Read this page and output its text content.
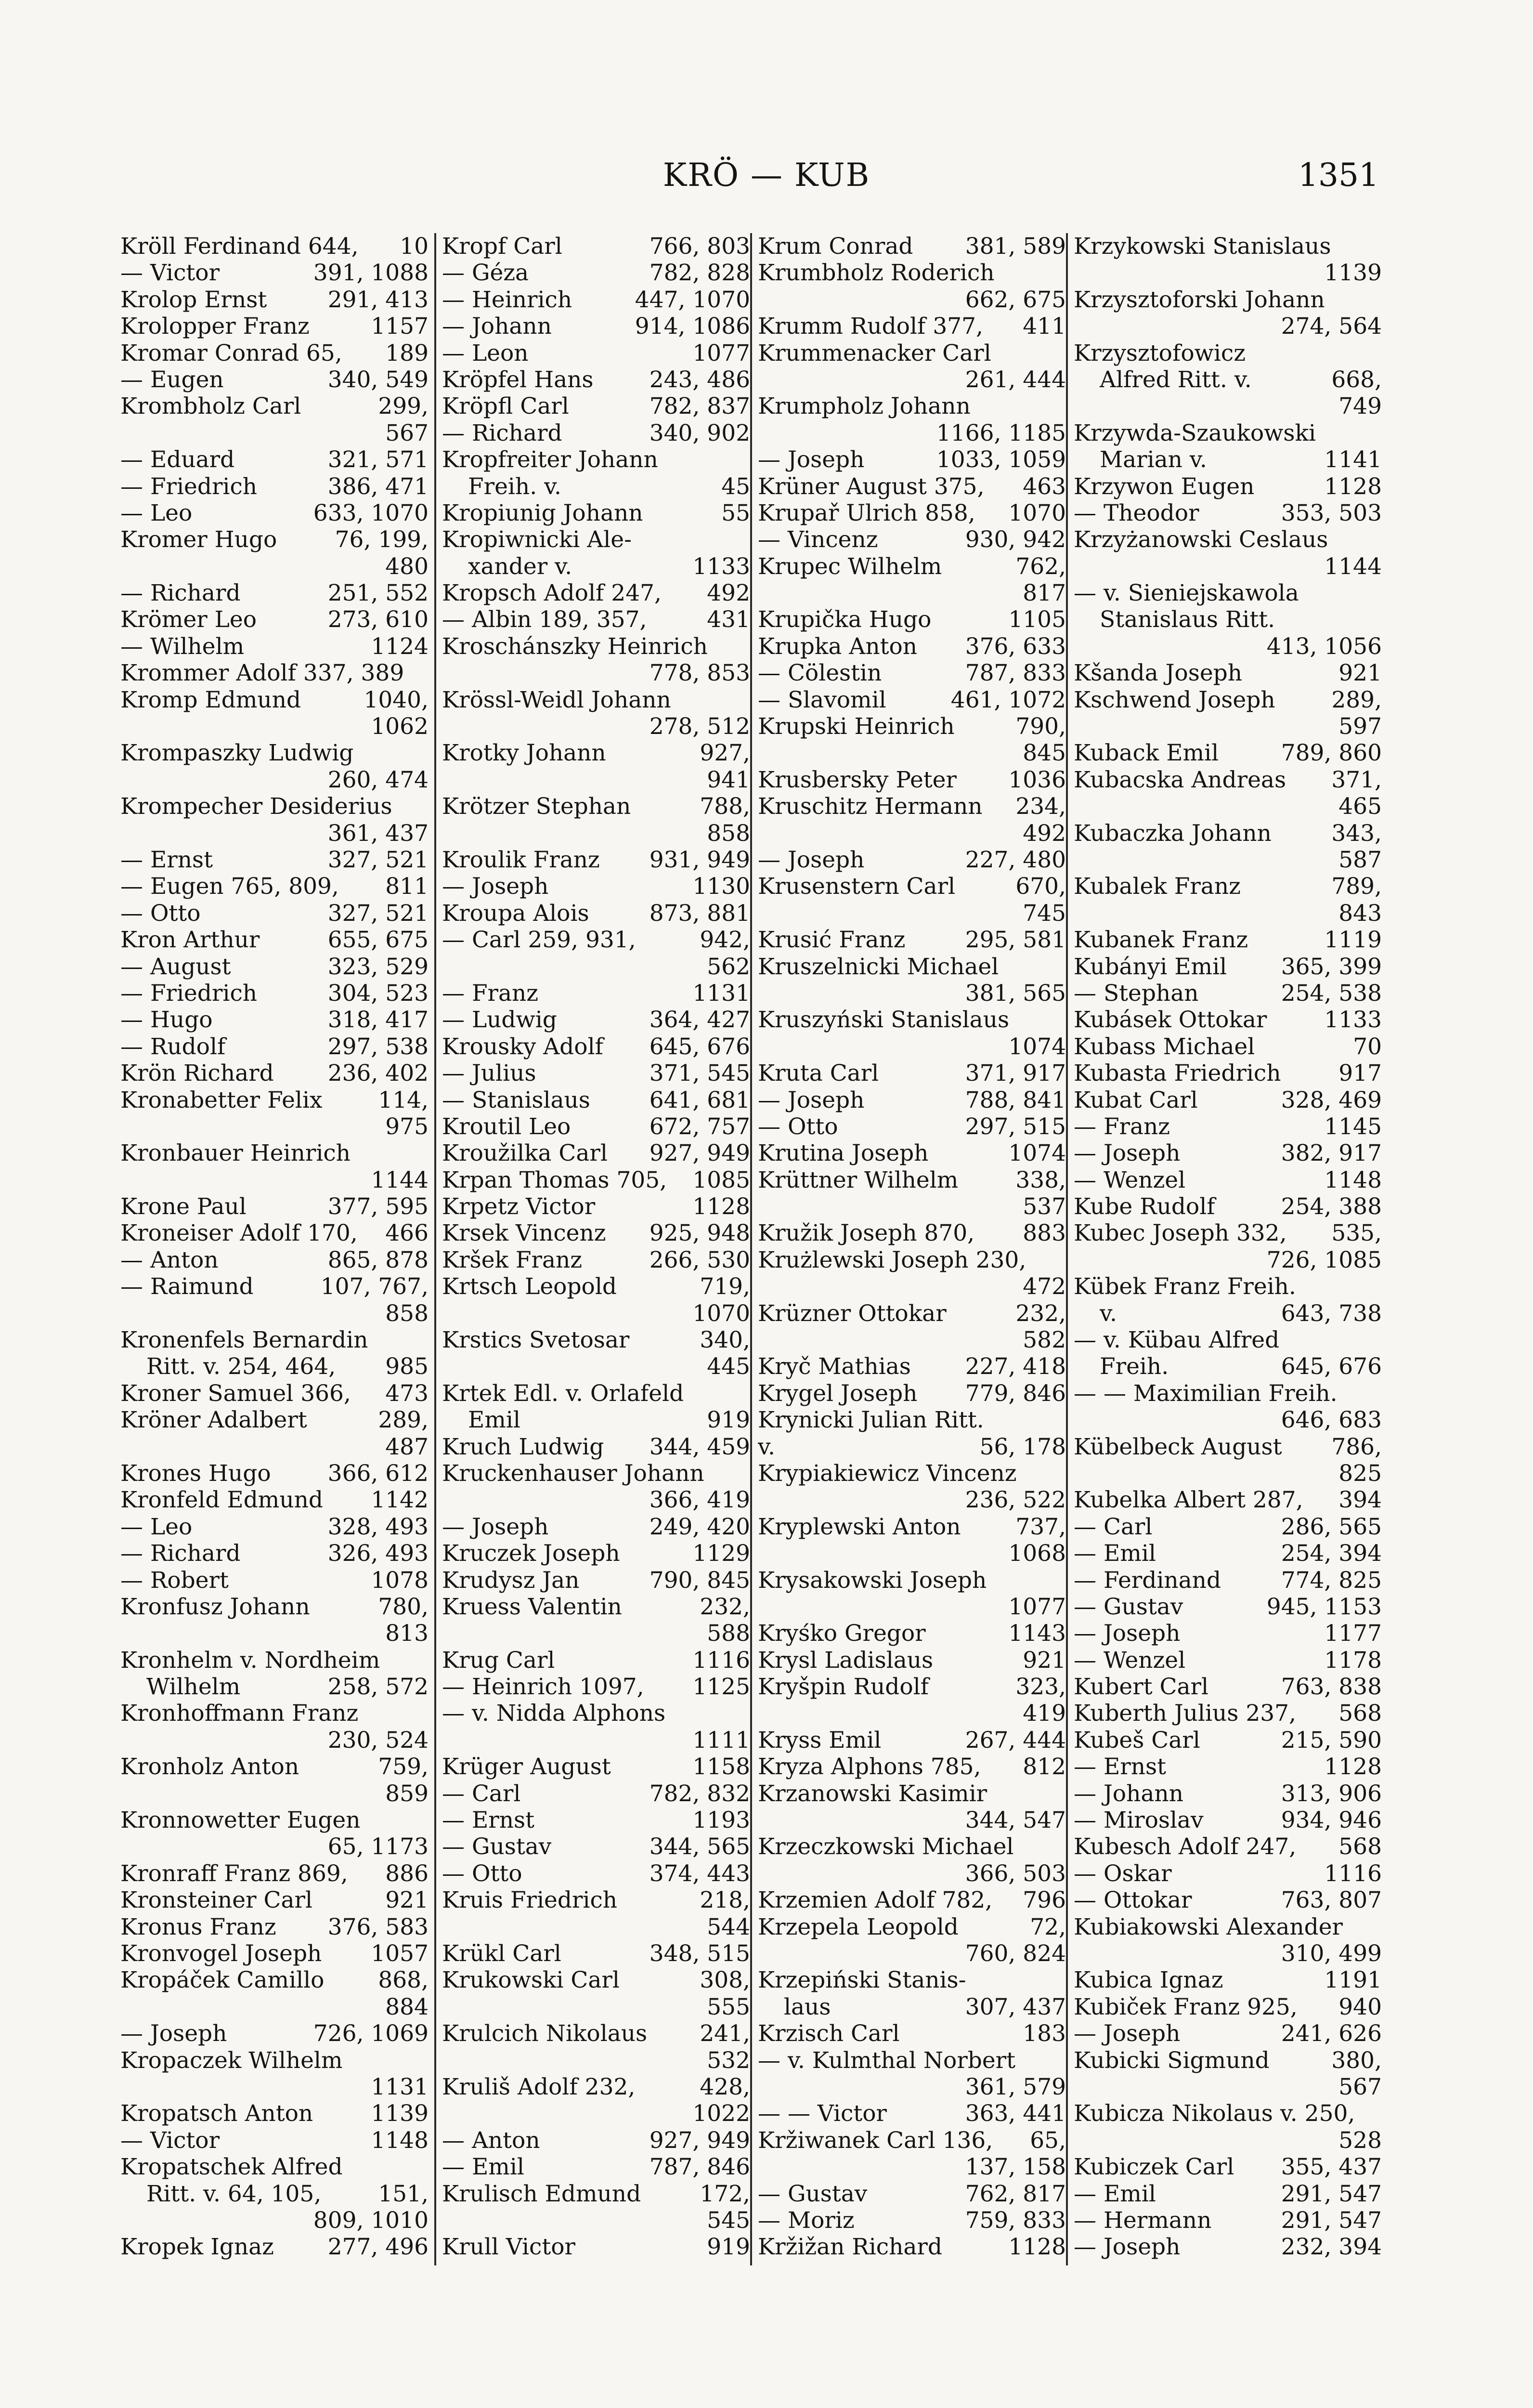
KRÖ — KUB	1351
Kröll Ferdinand 644,	10
— Victor	391, 1088
Krolop Ernst	291, 413
Krolopper Franz	1157
Kromar Conrad 65,	189
— Eugen	340, 549
Krombholz Carl	299,
567
— Eduard	321, 571
— Friedrich	386, 471
— Leo	633, 1070
Kromer Hugo	76, 199,
480
— Richard	251, 552
Krömer Leo	273, 610
— Wilhelm	1124
Krommer Adolf 337, 389
Kromp Edmund	1040,
1062
Krompaszky Ludwig
260, 474
Krompecher Desiderius
361, 437
— Ernst	327, 521
— Eugen 765, 809,	811
— Otto	327, 521
Kron Arthur	655, 675
— August	323, 529
— Friedrich	304, 523
— Hugo	318, 417
— Rudolf	297, 538
Krön Richard	236, 402
Kronabetter Felix	114,
975
Kronbauer Heinrich
1144
Krone Paul	377, 595
Kroneiser Adolf 170,	466
— Anton	865, 878
— Raimund	107, 767,
858
Kronenfels Bernardin
Ritt. v. 254, 464,	985
Kroner Samuel 366,	473
Kröner Adalbert	289,
487
Krones Hugo	366, 612
Kronfeld Edmund	1142
— Leo	328, 493
— Richard	326, 493
— Robert	1078
Kronfusz Johann	780,
813
Kronhelm v. Nordheim
Wilhelm	258, 572
Kronhoffmann Franz
230, 524
Kronholz Anton	759,
859
Kronnowetter Eugen
65, 1173
Kronraff Franz 869,	886
Kronsteiner Carl	921
Kronus Franz	376, 583
Kronvogel Joseph	1057
Kropáček Camillo	868,
884
— Joseph	726, 1069
Kropaczek Wilhelm
1131
Kropatsch Anton	1139
— Victor	1148
Kropatschek Alfred
Ritt. v. 64, 105,	151,
809, 1010
Kropek Ignaz	277, 496
Kropf Carl	766, 803
— Géza	782, 828
— Heinrich	447, 1070
— Johann	914, 1086
— Leon	1077
Kröpfel Hans	243, 486
Kröpfl Carl	782, 837
— Richard	340, 902
Kropfreiter Johann
Freih. v.	45
Kropiunig Johann	55
Kropiwnicki Ale-
xander v.	1133
Kropsch Adolf 247,	492
— Albin 189, 357,	431
Kroschánszky Heinrich
778, 853
Krössl-Weidl Johann
278, 512
Krotky Johann	927,
941
Krötzer Stephan	788,
858
Kroulik Franz	931, 949
— Joseph	1130
Kroupa Alois	873, 881
— Carl 259, 931,	942,
562
— Franz	1131
— Ludwig	364, 427
Krousky Adolf	645, 676
— Julius	371, 545
— Stanislaus	641, 681
Kroutil Leo	672, 757
Kroužilka Carl	927, 949
Krpan Thomas 705,	1085
Krpetz Victor	1128
Krsek Vincenz	925, 948
Kršek Franz	266, 530
Krtsch Leopold	719,
1070
Krstics Svetosar	340,
445
Krtek Edl. v. Orlafeld
Emil	919
Kruch Ludwig	344, 459
Kruckenhauser Johann
366, 419
— Joseph	249, 420
Kruczek Joseph	1129
Krudysz Jan	790, 845
Kruess Valentin	232,
588
Krug Carl	1116
— Heinrich 1097,	1125
— v. Nidda Alphons
1111
Krüger August	1158
— Carl	782, 832
— Ernst	1193
— Gustav	344, 565
— Otto	374, 443
Kruis Friedrich	218,
544
Krükl Carl	348, 515
Krukowski Carl	308,
555
Krulcich Nikolaus	241,
532
Kruliš Adolf 232,	428,
1022
— Anton	927, 949
— Emil	787, 846
Krulisch Edmund	172,
545
Krull Victor	919
Krum Conrad	381, 589
Krumbholz Roderich
662, 675
Krumm Rudolf 377,	411
Krummenacker Carl
261, 444
Krumpholz Johann
1166, 1185
— Joseph	1033, 1059
Krüner August 375,	463
Krupař Ulrich 858,	1070
— Vincenz	930, 942
Krupec Wilhelm	762,
817
Krupička Hugo	1105
Krupka Anton	376, 633
— Cölestin	787, 833
— Slavomil	461, 1072
Krupski Heinrich	790,
845
Krusbersky Peter	1036
Kruschitz Hermann	234,
492
— Joseph	227, 480
Krusenstern Carl	670,
745
Krusić Franz	295, 581
Kruszelnicki Michael
381, 565
Kruszyński Stanislaus
1074
Kruta Carl	371, 917
— Joseph	788, 841
— Otto	297, 515
Krutina Joseph	1074
Krüttner Wilhelm	338,
537
Kružik Joseph 870,	883
Krużlewski Joseph 230,
472
Krüzner Ottokar	232,
582
Kryč Mathias	227, 418
Krygel Joseph	779, 846
Krynicki Julian Ritt.
v.	56, 178
Krypiakiewicz Vincenz
236, 522
Kryplewski Anton	737,
1068
Krysakowski Joseph
1077
Kryśko Gregor	1143
Krysl Ladislaus	921
Kryšpin Rudolf	323,
419
Kryss Emil	267, 444
Kryza Alphons 785,	812
Krzanowski Kasimir
344, 547
Krzeczkowski Michael
366, 503
Krzemien Adolf 782,	796
Krzepela Leopold	72,
760, 824
Krzepiński Stanis-
laus	307, 437
Krzisch Carl	183
— v. Kulmthal Norbert
361, 579
— — Victor	363, 441
Kržiwanek Carl 136,	65,
137, 158
— Gustav	762, 817
— Moriz	759, 833
Kržižan Richard	1128
Krzykowski Stanislaus
1139
Krzysztoforski Johann
274, 564
Krzysztofowicz
Alfred Ritt. v.	668,
749
Krzywda-Szaukowski
Marian v.	1141
Krzywon Eugen	1128
— Theodor	353, 503
Krzyżanowski Ceslaus
1144
— v. Sieniejskawola
Stanislaus Ritt.
413, 1056
Kšanda Joseph	921
Kschwend Joseph	289,
597
Kuback Emil	789, 860
Kubacska Andreas	371,
465
Kubaczka Johann	343,
587
Kubalek Franz	789,
843
Kubanek Franz	1119
Kubányi Emil	365, 399
— Stephan	254, 538
Kubásek Ottokar	1133
Kubass Michael	70
Kubasta Friedrich	917
Kubat Carl	328, 469
— Franz	1145
— Joseph	382, 917
— Wenzel	1148
Kube Rudolf	254, 388
Kubec Joseph 332,	535,
726, 1085
Kübek Franz Freih.
v.	643, 738
— v. Kübau Alfred
Freih.	645, 676
— — Maximilian Freih.
646, 683
Kübelbeck August	786,
825
Kubelka Albert 287,	394
— Carl	286, 565
— Emil	254, 394
— Ferdinand	774, 825
— Gustav	945, 1153
— Joseph	1177
— Wenzel	1178
Kubert Carl	763, 838
Kuberth Julius 237,	568
Kubeš Carl	215, 590
— Ernst	1128
— Johann	313, 906
— Miroslav	934, 946
Kubesch Adolf 247,	568
— Oskar	1116
— Ottokar	763, 807
Kubiakowski Alexander
310, 499
Kubica Ignaz	1191
Kubiček Franz 925,	940
— Joseph	241, 626
Kubicki Sigmund	380,
567
Kubicza Nikolaus v. 250,
528
Kubiczek Carl	355, 437
— Emil	291, 547
— Hermann	291, 547
— Joseph	232, 394
